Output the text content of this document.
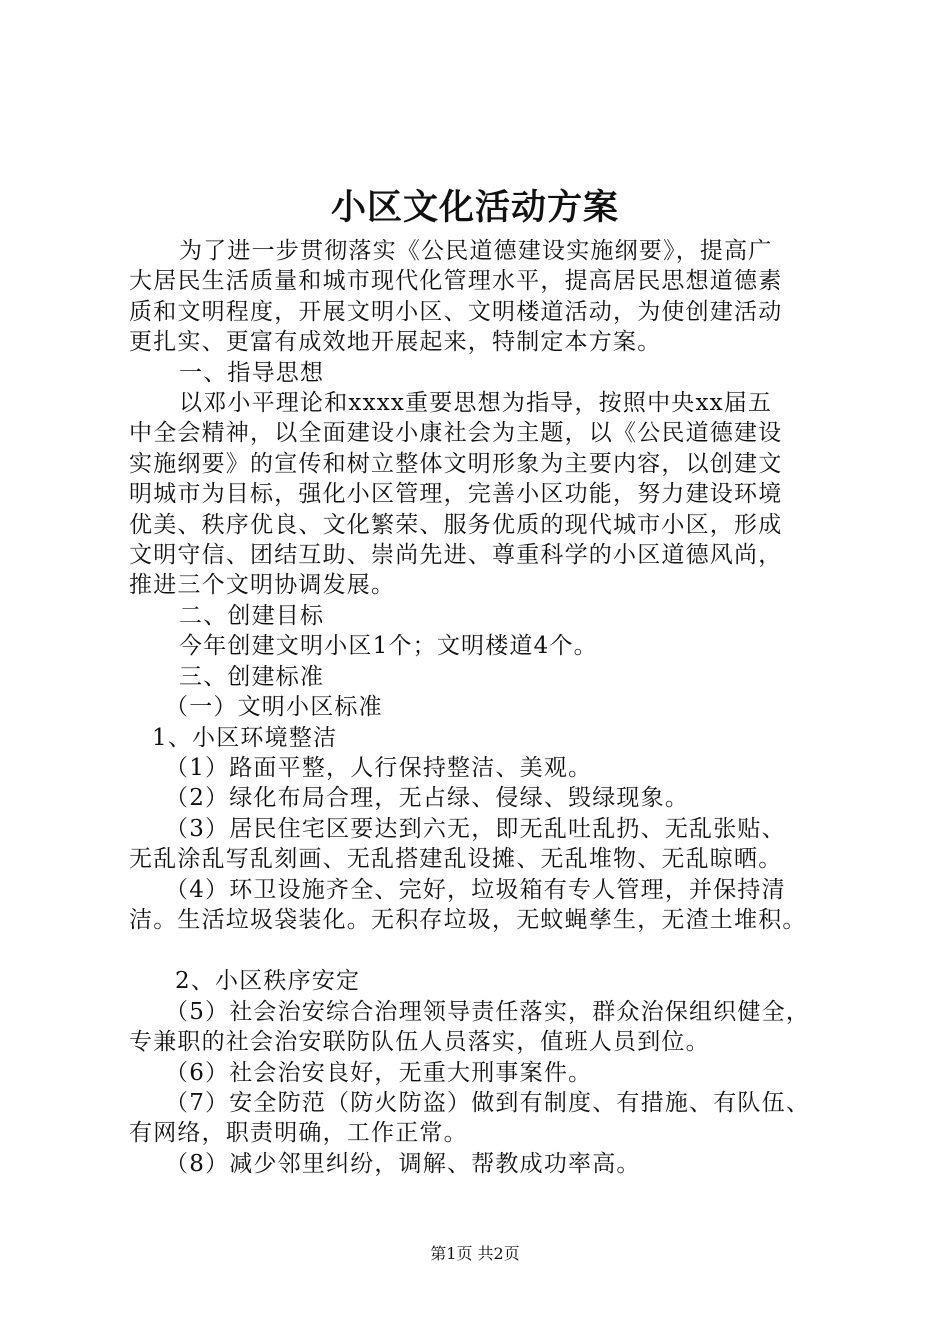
小区文化活动方案

为了进一步贯彻落实《公民道德建设实施纲要》，提高广

大居民生活质量和城市现代化管理水平，提高居民思想道德素

质和文明程度，开展文明小区、文明楼道活动，为使创建活动

更扎实、更富有成效地开展起来，特制定本方案。

一、指导思想

以邓小平理论和xxxx重要思想为指导，按照中央xx届五

中全会精神，以全面建设小康社会为主题，以《公民道德建设

实施纲要》的宣传和树立整体文明形象为主要内容，以创建文

明城市为目标，强化小区管理，完善小区功能，努力建设环境

优美、秩序优良、文化繁荣、服务优质的现代城市小区，形成

文明守信、团结互助、崇尚先进、尊重科学的小区道德风尚，

推进三个文明协调发展。

二、创建目标

今年创建文明小区1个；文明楼道4个。

三、创建标准

（一）文明小区标准

1、小区环境整洁

（1）路面平整，人行保持整洁、美观。

（2）绿化布局合理，无占绿、侵绿、毁绿现象。

（3）居民住宅区要达到六无，即无乱吐乱扔、无乱张贴、

无乱涂乱写乱刻画、无乱搭建乱设摊、无乱堆物、无乱晾晒。

（4）环卫设施齐全、完好，垃圾箱有专人管理，并保持清

洁。生活垃圾袋装化。无积存垃圾，无蚊蝇孳生，无渣土堆积。

2、小区秩序安定

（5）社会治安综合治理领导责任落实，群众治保组织健全，

专兼职的社会治安联防队伍人员落实，值班人员到位。

（6）社会治安良好，无重大刑事案件。

（7）安全防范（防火防盗）做到有制度、有措施、有队伍、

有网络，职责明确，工作正常。

（8）减少邻里纠纷，调解、帮教成功率高。

第1页 共2页
